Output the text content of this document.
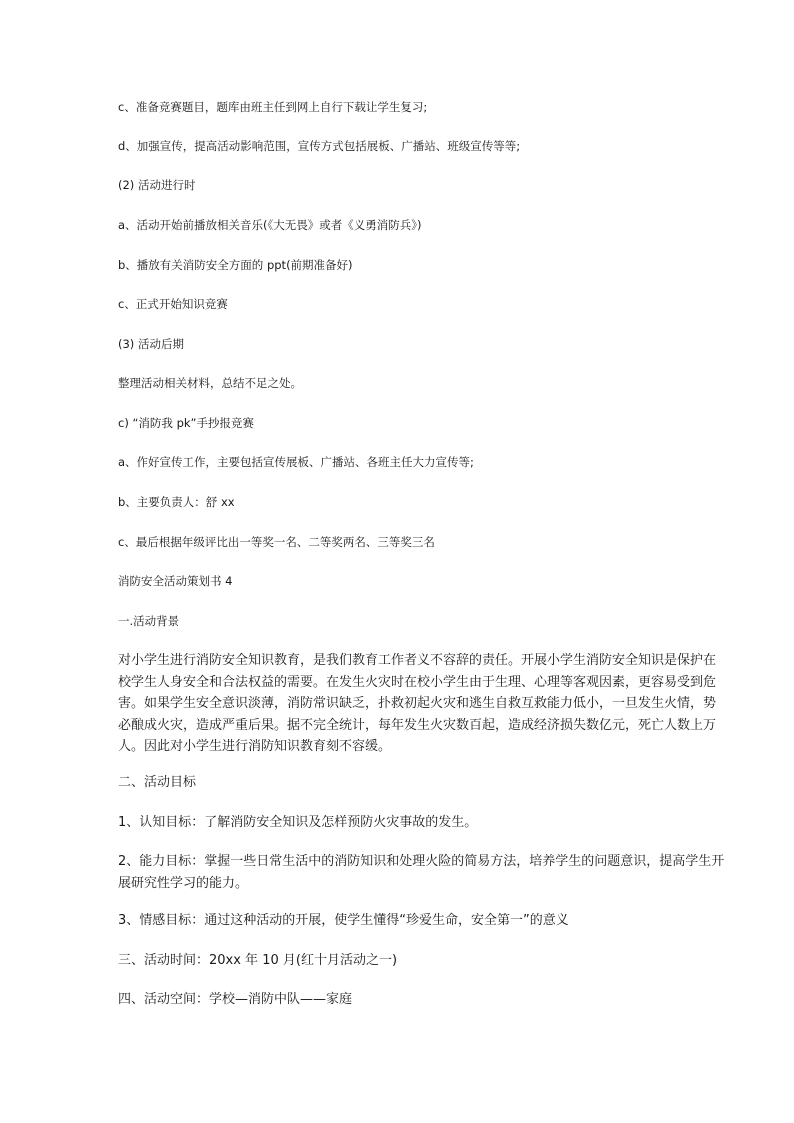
c、准备竞赛题目，题库由班主任到网上自行下载让学生复习;
d、加强宣传，提高活动影响范围，宣传方式包括展板、广播站、班级宣传等等;
(2) 活动进行时
a、活动开始前播放相关音乐(《大无畏》或者《义勇消防兵》)
b、播放有关消防安全方面的 ppt(前期准备好)
c、正式开始知识竞赛
(3) 活动后期
整理活动相关材料，总结不足之处。
c) “消防我 pk”手抄报竞赛
a、作好宣传工作，主要包括宣传展板、广播站、各班主任大力宣传等;
b、主要负责人：舒 xx
c、最后根据年级评比出一等奖一名、二等奖两名、三等奖三名
消防安全活动策划书 4
一.活动背景
对小学生进行消防安全知识教育，是我们教育工作者义不容辞的责任。开展小学生消防安全知识是保护在
校学生人身安全和合法权益的需要。在发生火灾时在校小学生由于生理、心理等客观因素，更容易受到危
害。如果学生安全意识淡薄，消防常识缺乏，扑救初起火灾和逃生自救互救能力低小，一旦发生火情，势
必酿成火灾，造成严重后果。据不完全统计，每年发生火灾数百起，造成经济损失数亿元，死亡人数上万
人。因此对小学生进行消防知识教育刻不容缓。
二、活动目标
1、认知目标：了解消防安全知识及怎样预防火灾事故的发生。
2、能力目标：掌握一些日常生活中的消防知识和处理火险的简易方法，培养学生的问题意识，提高学生开
展研究性学习的能力。
3、情感目标：通过这种活动的开展，使学生懂得“珍爱生命，安全第一”的意义
三、活动时间：20xx 年 10 月(红十月活动之一)
四、活动空间：学校—消防中队——家庭
